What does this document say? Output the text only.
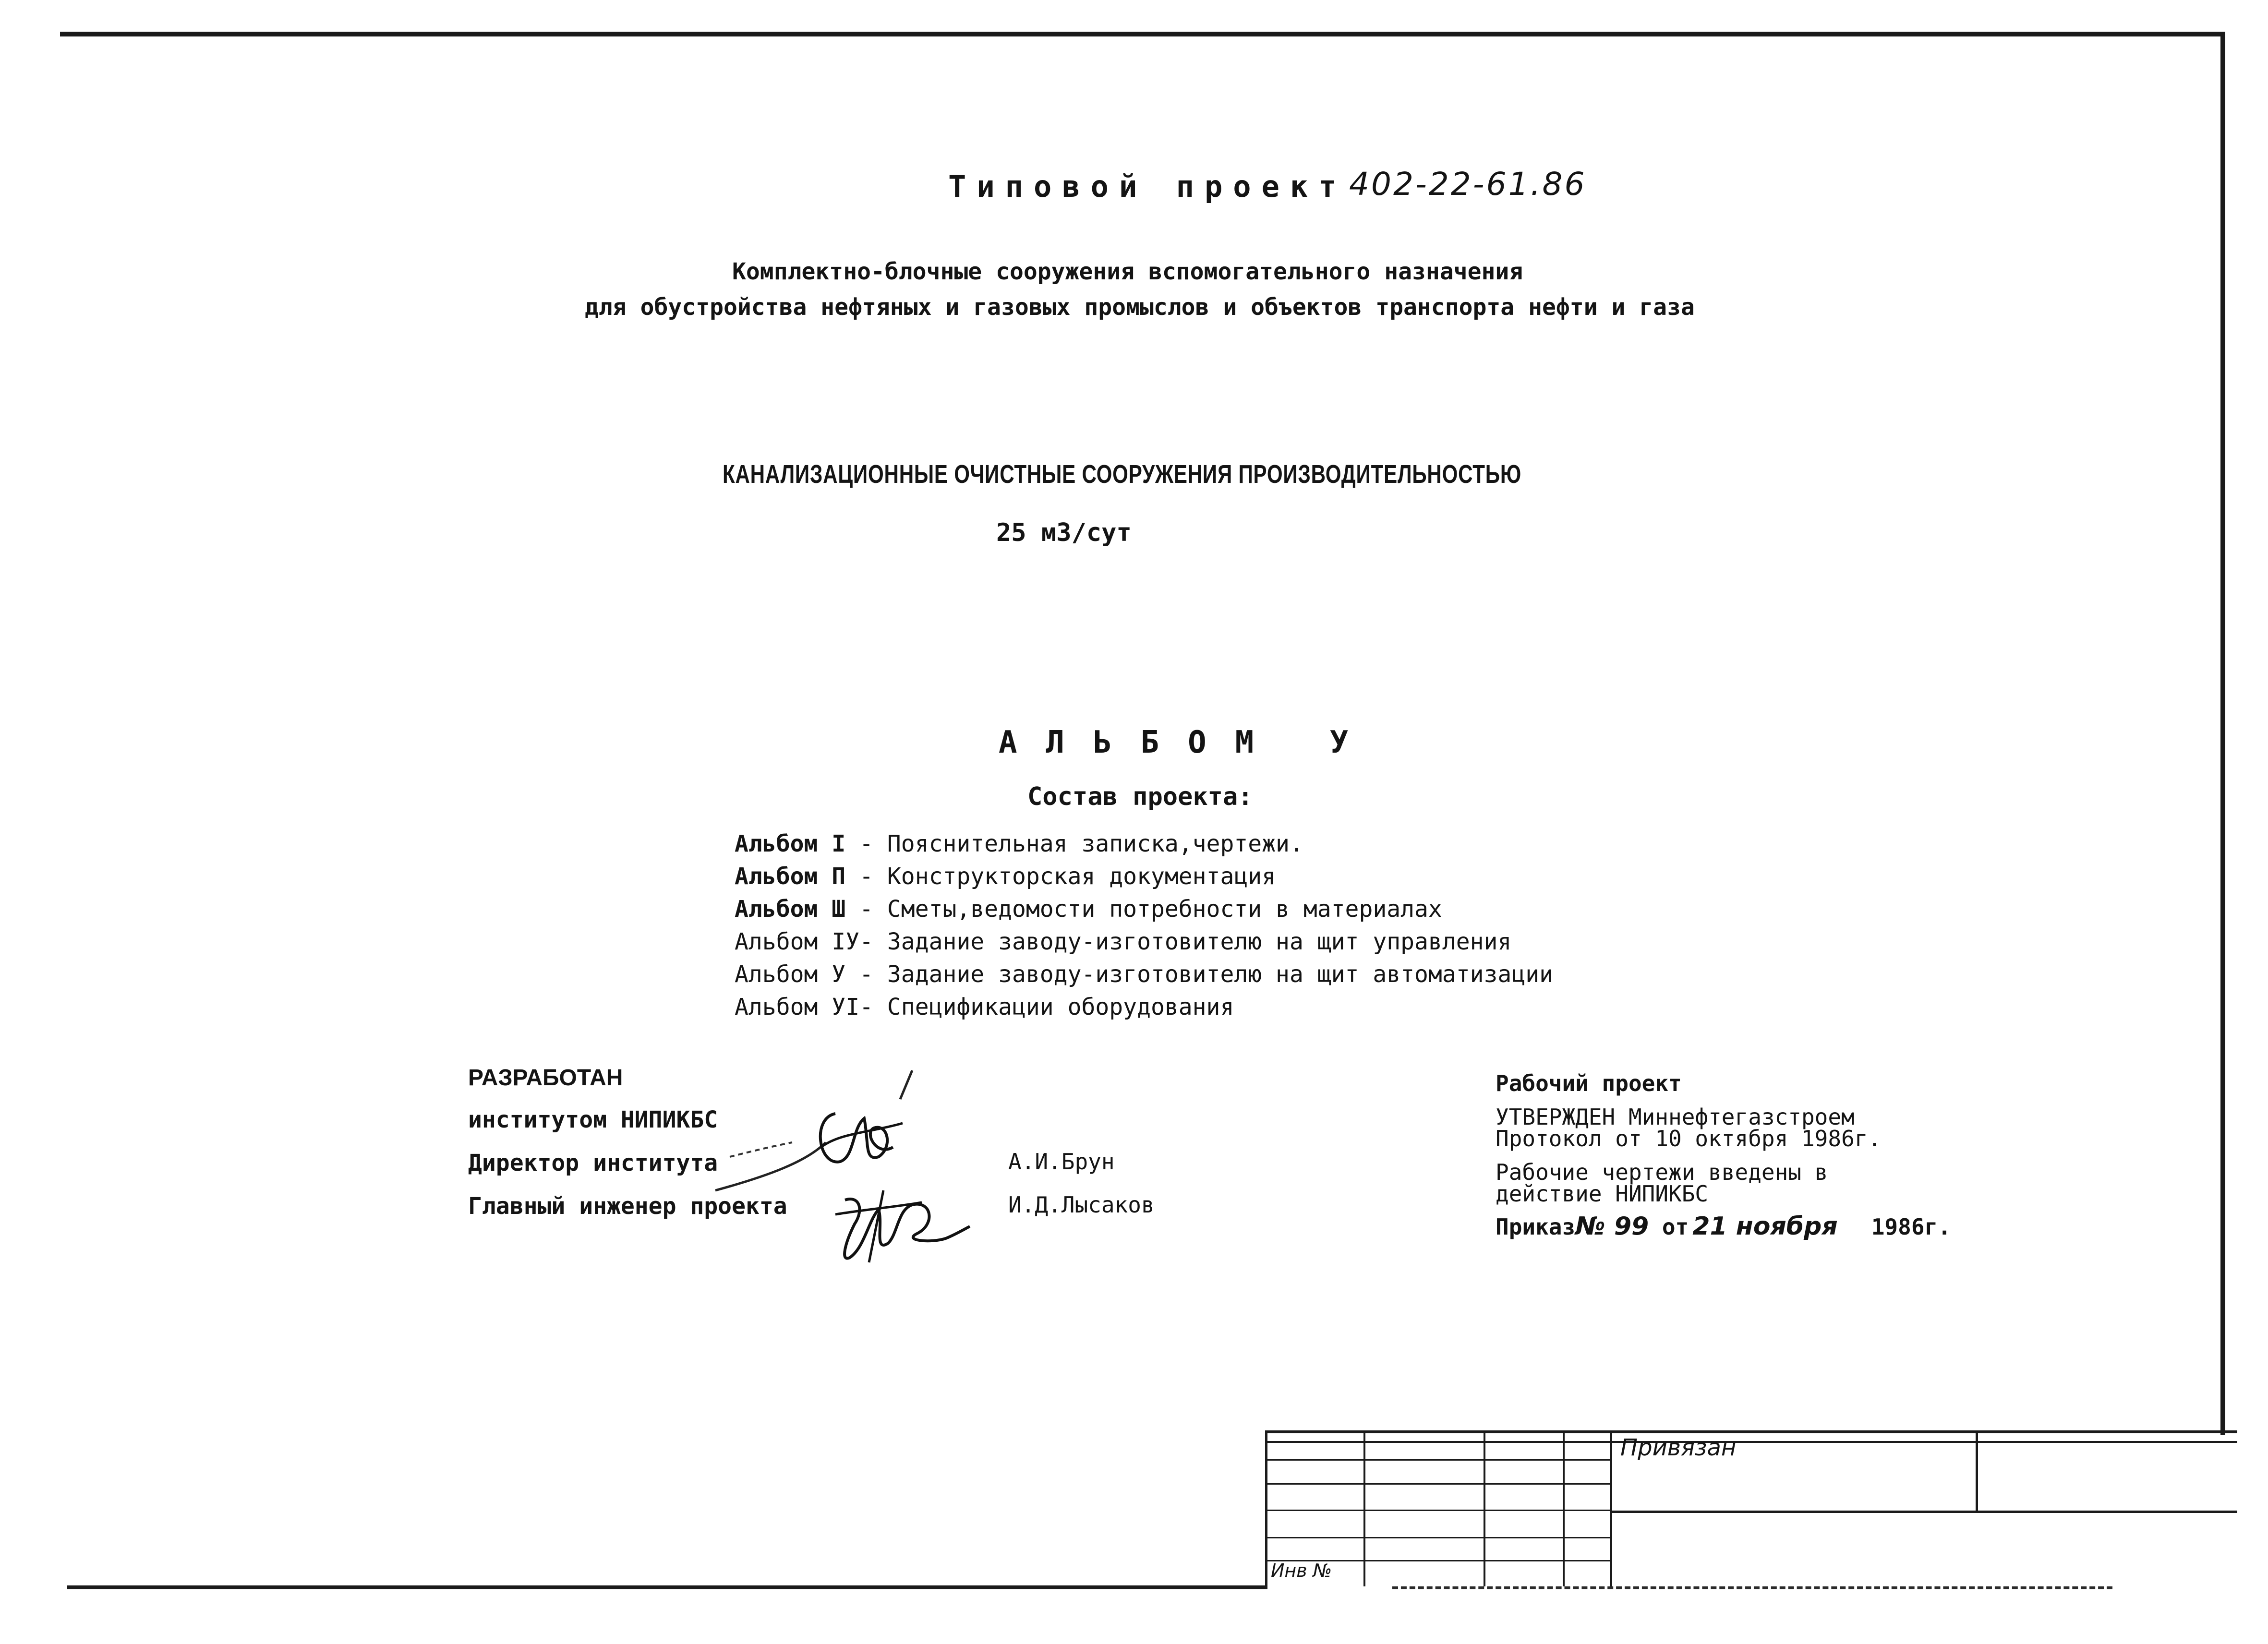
Типовой проект 402-22-61.86
Комплектно-блочные сооружения вспомогательного назначения
для обустройства нефтяных и газовых промыслов и объектов транспорта нефти и газа
КАНАЛИЗАЦИОННЫЕ ОЧИСТНЫЕ СООРУЖЕНИЯ ПРОИЗВОДИТЕЛЬНОСТЬЮ
25 м3/сут
АЛЬБОМ У
Состав проекта:
Альбом I - Пояснительная записка,чертежи.
Альбом П - Конструкторская документация
Альбом Ш - Сметы,ведомости потребности в материалах
Альбом IУ- Задание заводу-изготовителю на щит управления
Альбом У - Задание заводу-изготовителю на щит автоматизации
Альбом УI- Спецификации оборудования
РАЗРАБОТАН
институтом НИПИКБС
Директор института
Главный инженер проекта
А.И.Брун
И.Д.Лысаков
Рабочий проект
УТВЕРЖДЕН Миннефтегазстроем
Протокол от 10 октября 1986г.
Рабочие чертежи введены в
действие НИПИКБС
Приказ№ 99 от 21 ноября 1986г.
Привязан
Инв №
